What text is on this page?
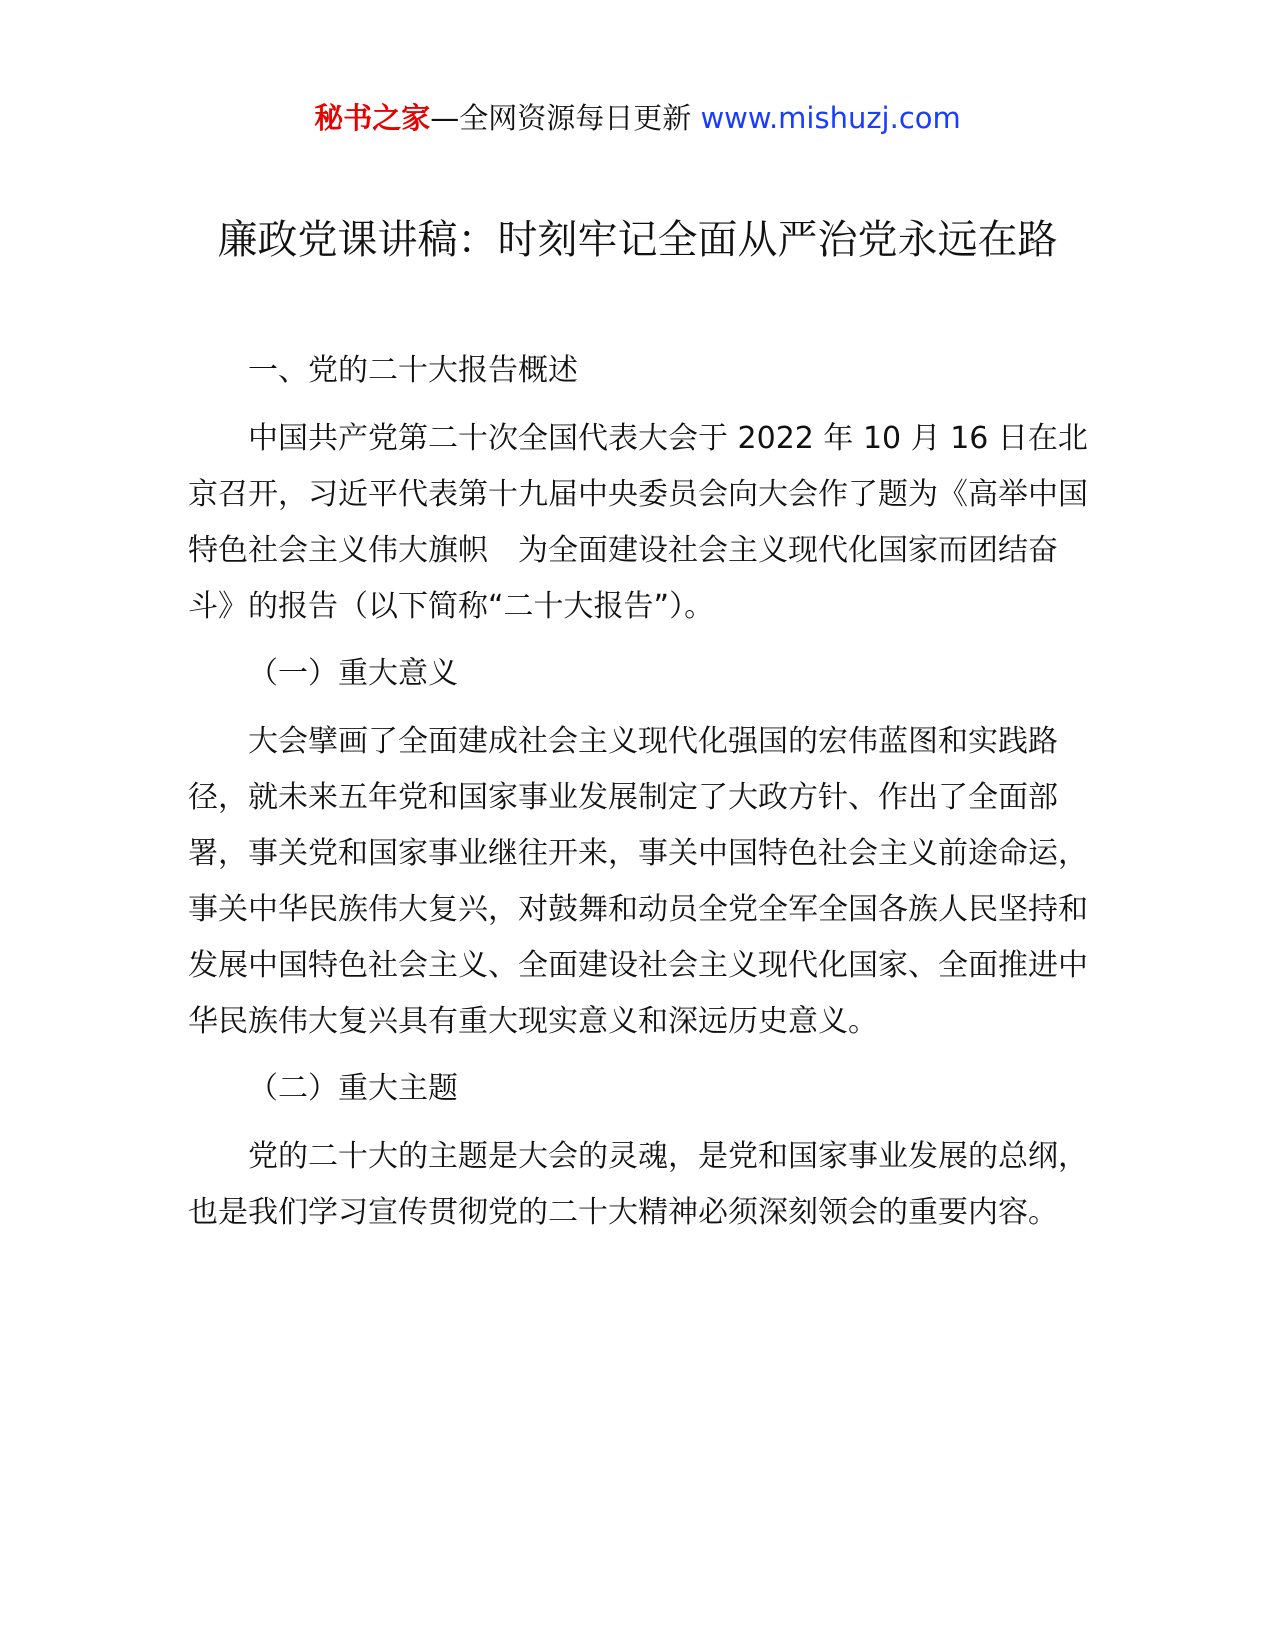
秘书之家—全网资源每日更新 www.mishuzj.com
廉政党课讲稿：时刻牢记全面从严治党永远在路

一、党的二十大报告概述

中国共产党第二十次全国代表大会于 2022 年 10 月 16 日在北京召开，习近平代表第十九届中央委员会向大会作了题为《高举中国特色社会主义伟大旗帜　为全面建设社会主义现代化国家而团结奋斗》的报告（以下简称“二十大报告”）。

（一）重大意义

大会擘画了全面建成社会主义现代化强国的宏伟蓝图和实践路径，就未来五年党和国家事业发展制定了大政方针、作出了全面部署，事关党和国家事业继往开来，事关中国特色社会主义前途命运，事关中华民族伟大复兴，对鼓舞和动员全党全军全国各族人民坚持和发展中国特色社会主义、全面建设社会主义现代化国家、全面推进中华民族伟大复兴具有重大现实意义和深远历史意义。

（二）重大主题

党的二十大的主题是大会的灵魂，是党和国家事业发展的总纲，也是我们学习宣传贯彻党的二十大精神必须深刻领会的重要内容。
